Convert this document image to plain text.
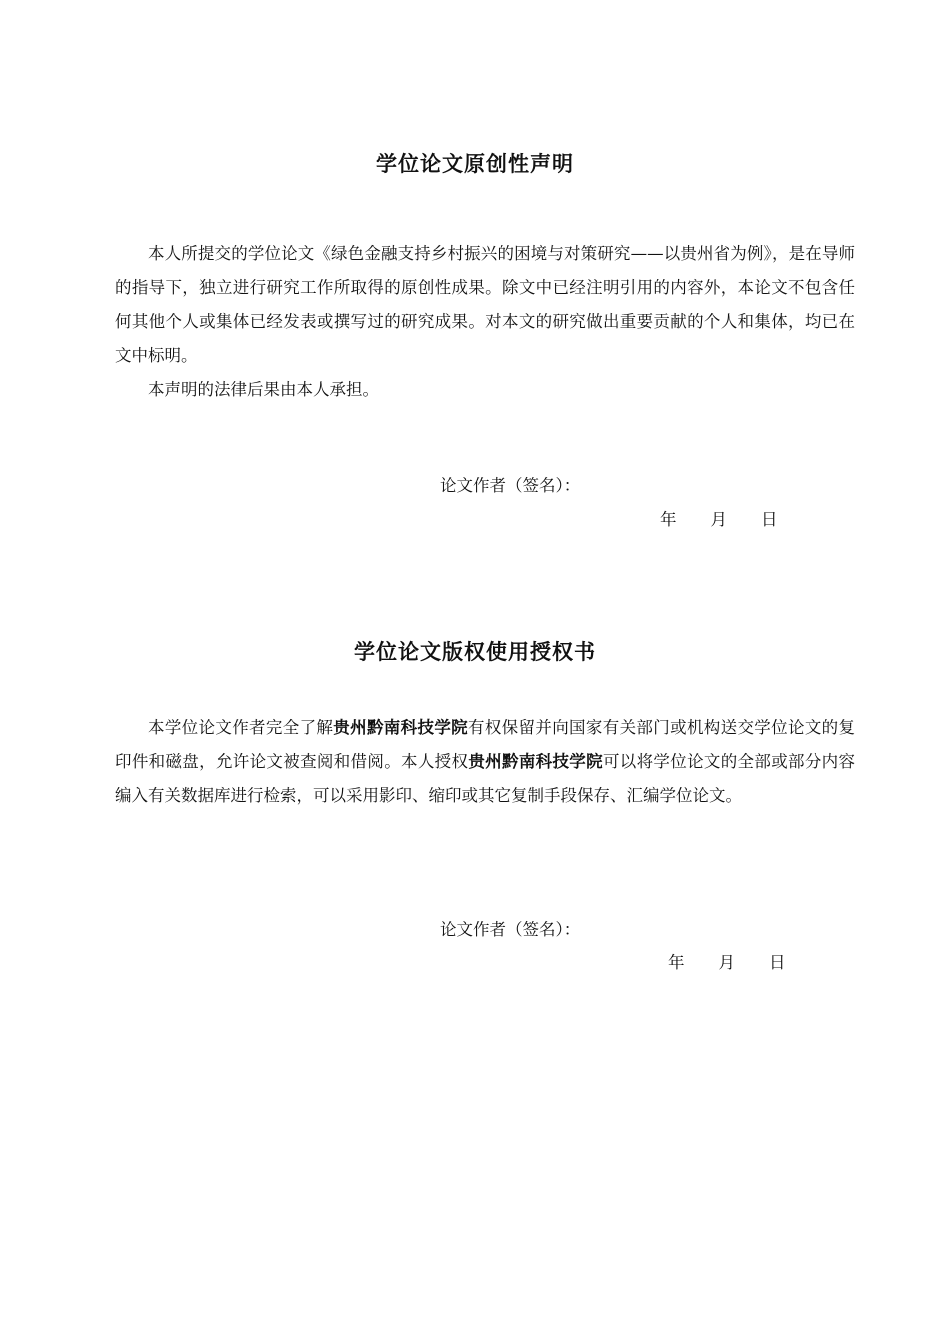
学位论文原创性声明

本人所提交的学位论文《绿色金融支持乡村振兴的困境与对策研究——以贵州省为例》，是在导师的指导下，独立进行研究工作所取得的原创性成果。除文中已经注明引用的内容外，本论文不包含任何其他个人或集体已经发表或撰写过的研究成果。对本文的研究做出重要贡献的个人和集体，均已在文中标明。

本声明的法律后果由本人承担。

论文作者（签名）：
年 月 日
学位论文版权使用授权书

本学位论文作者完全了解贵州黔南科技学院有权保留并向国家有关部门或机构送交学位论文的复印件和磁盘，允许论文被查阅和借阅。本人授权贵州黔南科技学院可以将学位论文的全部或部分内容编入有关数据库进行检索，可以采用影印、缩印或其它复制手段保存、汇编学位论文。

论文作者（签名）：
年 月 日
